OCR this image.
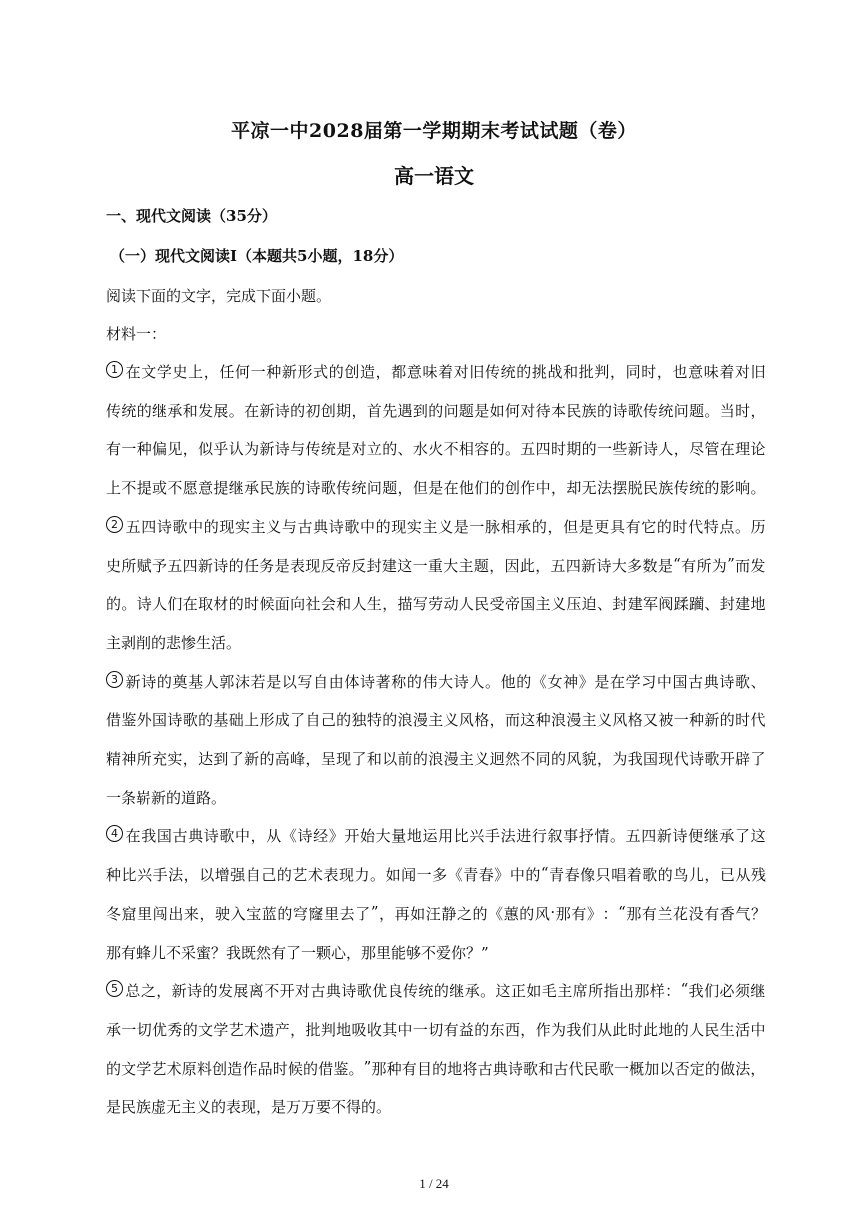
平凉一中2028届第一学期期末考试试题（卷）
高一语文
一、现代文阅读（35分）
（一）现代文阅读Ⅰ（本题共5小题，18分）
阅读下面的文字，完成下面小题。
材料一：
1 在 文 学 史 上 ， 任 何 一 种 新 形 式 的 创 造 ， 都 意 味 着 对 旧 传 统 的 挑 战 和 批 判 ， 同 时 ， 也 意 味 着 对 旧
传 统 的 继 承 和 发 展 。 在 新 诗 的 初 创 期 ， 首 先 遇 到 的 问 题 是 如 何 对 待 本 民 族 的 诗 歌 传 统 问 题 。 当 时 ，
有 一 种 偏 见 ， 似 乎 认 为 新 诗 与 传 统 是 对 立 的 、 水 火 不 相 容 的 。 五 四 时 期 的 一 些 新 诗 人 ， 尽 管 在 理 论
上 不 提 或 不 愿 意 提 继 承 民 族 的 诗 歌 传 统 问 题 ， 但 是 在 他 们 的 创 作 中 ， 却 无 法 摆 脱 民 族 传 统 的 影 响 。
2 五 四 诗 歌 中 的 现 实 主 义 与 古 典 诗 歌 中 的 现 实 主 义 是 一 脉 相 承 的 ， 但 是 更 具 有 它 的 时 代 特 点 。 历
史 所 赋 予 五 四 新 诗 的 任 务 是 表 现 反 帝 反 封 建 这 一 重 大 主 题 ， 因 此 ， 五 四 新 诗 大 多 数 是 “ 有 所 为 ” 而 发
的 。 诗 人 们 在 取 材 的 时 候 面 向 社 会 和 人 生 ， 描 写 劳 动 人 民 受 帝 国 主 义 压 迫 、 封 建 军 阀 蹂 躏 、 封 建 地
主剥削的悲惨生活。
3 新 诗 的 奠 基 人 郭 沫 若 是 以 写 自 由 体 诗 著 称 的 伟 大 诗 人 。 他 的 《 女 神 》 是 在 学 习 中 国 古 典 诗 歌 、
借 鉴 外 国 诗 歌 的 基 础 上 形 成 了 自 己 的 独 特 的 浪 漫 主 义 风 格 ， 而 这 种 浪 漫 主 义 风 格 又 被 一 种 新 的 时 代
精 神 所 充 实 ， 达 到 了 新 的 高 峰 ， 呈 现 了 和 以 前 的 浪 漫 主 义 迥 然 不 同 的 风 貌 ， 为 我 国 现 代 诗 歌 开 辟 了
一条崭新的道路。
4 在 我 国 古 典 诗 歌 中 ， 从 《 诗 经 》 开 始 大 量 地 运 用 比 兴 手 法 进 行 叙 事 抒 情 。 五 四 新 诗 便 继 承 了 这
种 比 兴 手 法 ， 以 增 强 自 己 的 艺 术 表 现 力 。 如 闻 一 多 《 青 春 》 中 的 “ 青 春 像 只 唱 着 歌 的 鸟 儿 ， 已 从 残
冬 窟 里 闯 出 来 ， 驶 入 宝 蓝 的 穹 窿 里 去 了 ” ， 再 如 汪 静 之 的 《 蕙 的 风 · 那 有 》 ： “ 那 有 兰 花 没 有 香 气 ？
那有蜂儿不采蜜？我既然有了一颗心，那里能够不爱你？”
5 总 之 ， 新 诗 的 发 展 离 不 开 对 古 典 诗 歌 优 良 传 统 的 继 承 。 这 正 如 毛 主 席 所 指 出 那 样 ： “ 我 们 必 须 继
承 一 切 优 秀 的 文 学 艺 术 遗 产 ， 批 判 地 吸 收 其 中 一 切 有 益 的 东 西 ， 作 为 我 们 从 此 时 此 地 的 人 民 生 活 中
的 文 学 艺 术 原 料 创 造 作 品 时 候 的 借 鉴 。 ” 那 种 有 目 的 地 将 古 典 诗 歌 和 古 代 民 歌 一 概 加 以 否 定 的 做 法 ，
是民族虚无主义的表现，是万万要不得的。
1 / 24
